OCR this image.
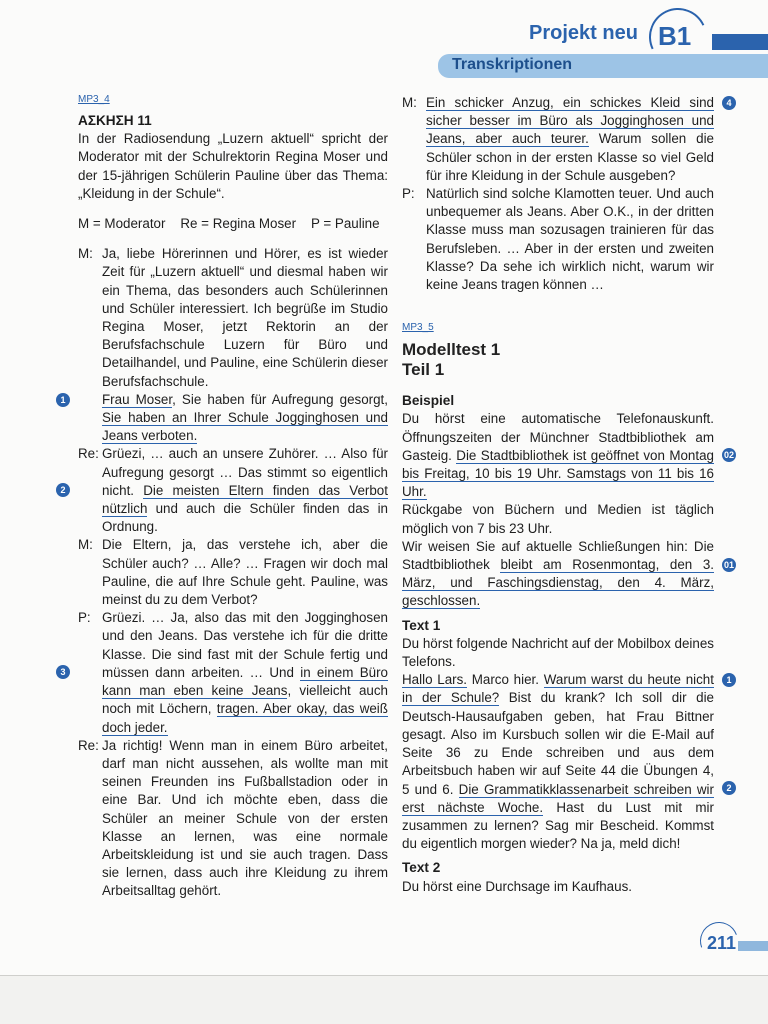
Projekt neu B1
Transkriptionen
MP3_4
ΑΣΚΗΣΗ 11

In der Radiosendung „Luzern aktuell“ spricht der Moderator mit der Schulrektorin Regina Moser und der 15-jährigen Schülerin Pauline über das Thema: „Kleidung in der Schule“.

M = Moderator    Re = Regina Moser    P = Pauline

M: Ja, liebe Hörerinnen und Hörer, es ist wieder Zeit für „Luzern aktuell“ und diesmal haben wir ein Thema, das besonders auch Schülerinnen und Schüler interessiert. Ich begrüße im Studio Regina Moser, jetzt Rektorin an der Berufsfachschule Luzern für Büro und Detailhandel, und Pauline, eine Schülerin dieser Berufsfachschule.
1	Frau Moser, Sie haben für Aufregung gesorgt, Sie haben an Ihrer Schule Jogginghosen und Jeans verboten.
2
Re: Grüezi, … auch an unsere Zuhörer. … Also für Aufregung gesorgt … Das stimmt so eigentlich nicht. Die meisten Eltern finden das Verbot nützlich und auch die Schüler finden das in Ordnung.
M: Die Eltern, ja, das verstehe ich, aber die Schüler auch? … Alle? … Fragen wir doch mal Pauline, die auf Ihre Schule geht. Pauline, was meinst du zu dem Verbot?
3
P: Grüezi. … Ja, also das mit den Jogginghosen und den Jeans. Das verstehe ich für die dritte Klasse. Die sind fast mit der Schule fertig und müssen dann arbeiten. … Und in einem Büro kann man eben keine Jeans, vielleicht auch noch mit Löchern, tragen. Aber okay, das weiß doch jeder.
Re: Ja richtig! Wenn man in einem Büro arbeitet, darf man nicht aussehen, als wollte man mit seinen Freunden ins Fußballstadion oder in eine Bar. Und ich möchte eben, dass die Schüler an meiner Schule von der ersten Klasse an lernen, was eine normale Arbeitskleidung ist und sie auch tragen. Dass sie lernen, dass auch ihre Kleidung zu ihrem Arbeitsalltag gehört.
4
M: Ein schicker Anzug, ein schickes Kleid sind sicher besser im Büro als Jogginghosen und Jeans, aber auch teurer. Warum sollen die Schüler schon in der ersten Klasse so viel Geld für ihre Kleidung in der Schule ausgeben?
P: Natürlich sind solche Klamotten teuer. Und auch unbequemer als Jeans. Aber O.K., in der dritten Klasse muss man sozusagen trainieren für das Berufsleben. … Aber in der ersten und zweiten Klasse? Da sehe ich wirklich nicht, warum wir keine Jeans tragen können …
MP3_5
Modelltest 1
Teil 1
Beispiel

Du hörst eine automatische Telefonauskunft. Öffnungszeiten der Münchner Stadtbibliothek am Gasteig. Die Stadtbibliothek ist geöffnet von Montag bis Freitag, 10 bis 19 Uhr. Samstags von 11 bis 16 Uhr.
02

Rückgabe von Büchern und Medien ist täglich möglich von 7 bis 23 Uhr.

Wir weisen Sie auf aktuelle Schließungen hin: Die Stadtbibliothek bleibt am Rosenmontag, den 3. März, und Faschingsdienstag, den 4. März, geschlossen.
01

Text 1

Du hörst folgende Nachricht auf der Mobilbox deines Telefons.

Hallo Lars. Marco hier. Warum warst du heute nicht in der Schule? Bist du krank? Ich soll dir die Deutsch-Hausaufgaben geben, hat Frau Bittner gesagt. Also im Kursbuch sollen wir die E-Mail auf Seite 36 zu Ende schreiben und aus dem Arbeitsbuch haben wir auf Seite 44 die Übungen 4, 5 und 6. Die Grammatikklassenarbeit schreiben wir erst nächste Woche. Hast du Lust mit mir zusammen zu lernen? Sag mir Bescheid. Kommst du eigentlich morgen wieder? Na ja, meld dich!
1
2

Text 2

Du hörst eine Durchsage im Kaufhaus.

211
